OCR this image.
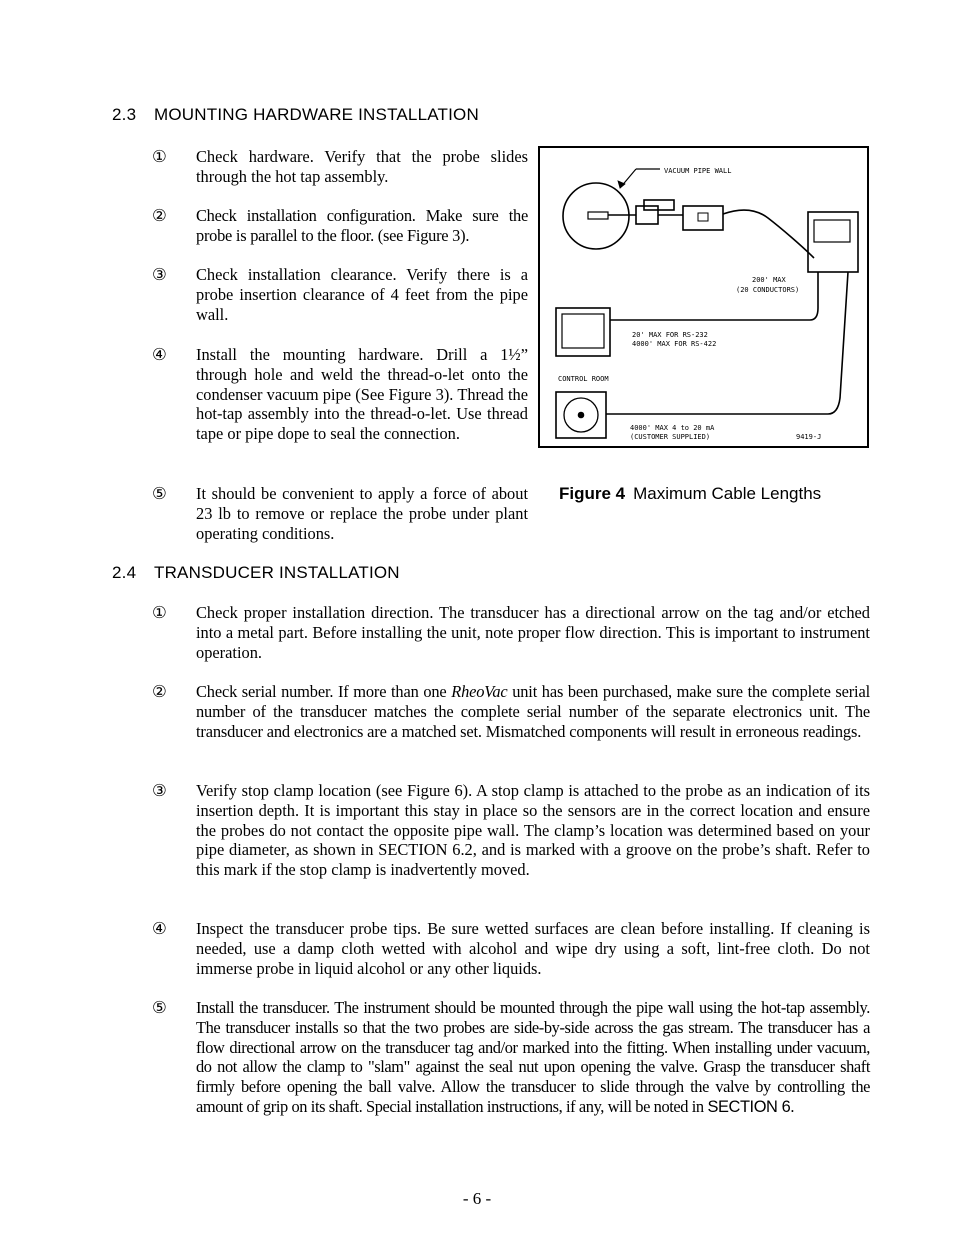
2.3 MOUNTING HARDWARE INSTALLATION
①	Check hardware. Verify that the probe slides through the hot tap assembly.
②	Check installation configuration. Make sure the probe is parallel to the floor. (see Figure 3).
③	Check installation clearance. Verify there is a probe insertion clearance of 4 feet from the pipe wall.
④	Install the mounting hardware. Drill a 1½” through hole and weld the thread-o-let onto the condenser vacuum pipe (See Figure 3). Thread the hot-tap assembly into the thread-o-let. Use thread tape or pipe dope to seal the connection.
⑤	It should be convenient to apply a force of about 23 lb to remove or replace the probe under plant operating conditions.
VACUUM PIPE WALL
200' MAX
(20 CONDUCTORS)
20' MAX FOR RS-232
4000' MAX FOR RS-422
CONTROL ROOM
4000' MAX 4 to 20 mA
(CUSTOMER SUPPLIED)	9419-J
Figure 4 Maximum Cable Lengths
2.4 TRANSDUCER INSTALLATION
①	Check proper installation direction. The transducer has a directional arrow on the tag and/or etched into a metal part. Before installing the unit, note proper flow direction. This is important to instrument operation.
②	Check serial number. If more than one RheoVac unit has been purchased, make sure the complete serial number of the transducer matches the complete serial number of the separate electronics unit. The transducer and electronics are a matched set. Mismatched components will result in erroneous readings.
③	Verify stop clamp location (see Figure 6). A stop clamp is attached to the probe as an indication of its insertion depth. It is important this stay in place so the sensors are in the correct location and ensure the probes do not contact the opposite pipe wall. The clamp’s location was determined based on your pipe diameter, as shown in SECTION 6.2, and is marked with a groove on the probe’s shaft. Refer to this mark if the stop clamp is inadvertently moved.
④	Inspect the transducer probe tips. Be sure wetted surfaces are clean before installing. If cleaning is needed, use a damp cloth wetted with alcohol and wipe dry using a soft, lint-free cloth. Do not immerse probe in liquid alcohol or any other liquids.
⑤	Install the transducer. The instrument should be mounted through the pipe wall using the hot-tap assembly. The transducer installs so that the two probes are side-by-side across the gas stream. The transducer has a flow directional arrow on the transducer tag and/or marked into the fitting. When installing under vacuum, do not allow the clamp to "slam" against the seal nut upon opening the valve. Grasp the transducer shaft firmly before opening the ball valve. Allow the transducer to slide through the valve by controlling the amount of grip on its shaft. Special installation instructions, if any, will be noted in SECTION 6.
- 6 -
